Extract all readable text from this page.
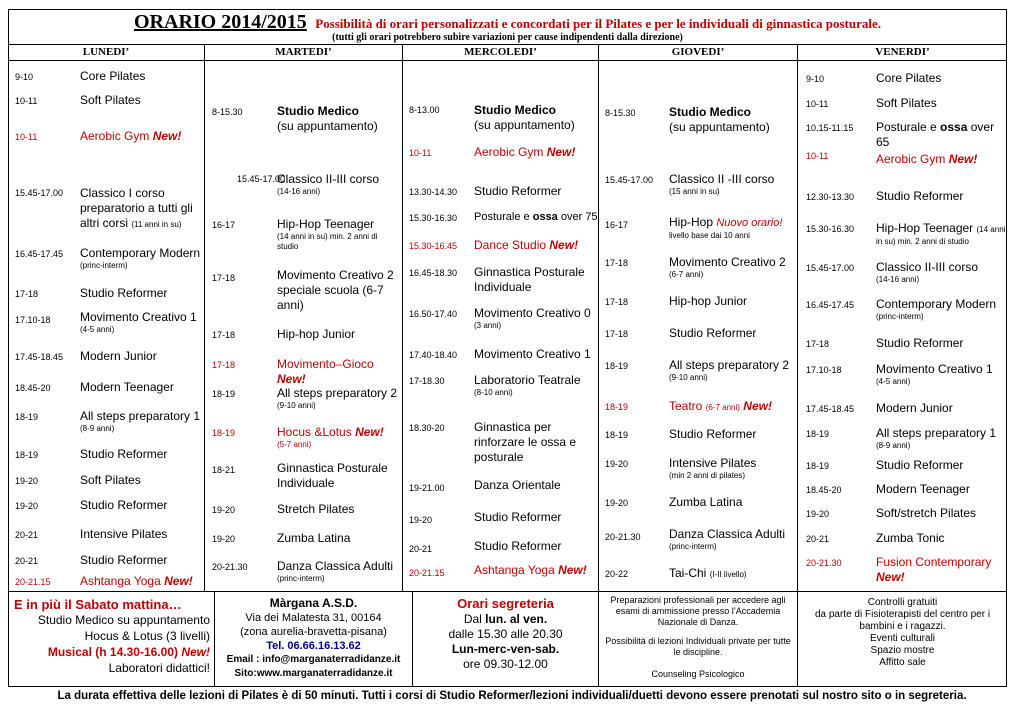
ORARIO 2014/2015 Possibilità di orari personalizzati e concordati per il Pilates e per le individuali di ginnastica posturale.
(tutti gli orari potrebbero subire variazioni per cause indipendenti dalla direzione)
LUNEDI’	MARTEDI’	MERCOLEDI’	GIOVEDI’	VENERDI’
9-10	Core Pilates
10-11	Soft Pilates
10-11	Aerobic Gym New!
15.45-17.00 Classico I corso preparatorio a tutti gli altri corsi (11 anni in su)
16.45-17.45 Contemporary Modern
(princ-interm)
17-18	Studio Reformer
17.10-18 Movimento Creativo 1
(4-5 anni)
17.45-18.45 Modern Junior
18.45-20 Modern Teenager
18-19	All steps preparatory 1
(8-9 anni)
18-19	Studio Reformer
19-20	Soft Pilates
19-20	Studio Reformer
20-21	Intensive Pilates
20-21	Studio Reformer
20-21.15 Ashtanga Yoga New!
8-15.30	Studio Medico
(su appuntamento)
15.45-17.00
Classico II-III corso
(14-16 anni)
16-17	Hip-Hop Teenager
(14 anni in su) min. 2 anni di studio
17-18	Movimento Creativo 2 speciale scuola (6-7 anni)
17-18	Hip-hop Junior
17-18	Movimento–Gioco New!
18-19	All steps preparatory 2
(9-10 anni)
18-19	Hocus &Lotus New!
(5-7 anni)
18-21	Ginnastica Posturale Individuale
19-20	Stretch Pilates
19-20	Zumba Latina
20-21.30 Danza Classica Adulti
(princ-interm)
8-13.00	Studio Medico
(su appuntamento)
10-11	Aerobic Gym New!
13.30-14.30 Studio Reformer
15.30-16.30 Posturale e ossa over 75
15.30-16.45 Dance Studio New!
16.45-18.30 Ginnastica Posturale Individuale
16.50-17.40 Movimento Creativo 0
(3 anni)
17.40-18.40 Movimento Creativo 1
17-18.30 Laboratorio Teatrale
(8-10 anni)
18.30-20 Ginnastica per rinforzare le ossa e posturale
19-21.00 Danza Orientale
19-20	Studio Reformer
20-21	Studio Reformer
20-21.15 Ashtanga Yoga New!
8-15.30	Studio Medico
(su appuntamento)
15.45-17.00 Classico II -III corso
(15 anni in su)
16-17	Hip-Hop Nuovo orario!
livello base dai 10 anni
17-18	Movimento Creativo 2
(6-7 anni)
17-18	Hip-hop Junior
17-18	Studio Reformer
18-19	All steps preparatory 2
(9-10 anni)
18-19	Teatro (6-7 anni) New!
18-19	Studio Reformer
19-20	Intensive Pilates
(min 2 anni di pilates)
19-20	Zumba Latina
20-21.30 Danza Classica Adulti
(princ-interm)
20-22	Tai-Chi (I-II livello)
9-10	Core Pilates
10-11	Soft Pilates
10.15-11.15 Posturale e ossa over 65
10-11	Aerobic Gym New!
12.30-13.30 Studio Reformer
15.30-16.30 Hip-Hop Teenager (14 anni
in su) min. 2 anni di studio
15.45-17.00 Classico II-III corso
(14-16 anni)
16.45-17.45 Contemporary Modern
(princ-interm)
17-18	Studio Reformer
17.10-18	Movimento Creativo 1
(4-5 anni)
17.45-18.45 Modern Junior
18-19	All steps preparatory 1
(8-9 anni)
18-19	Studio Reformer
18.45-20	Modern Teenager
19-20	Soft/stretch Pilates
20-21	Zumba Tonic
20-21.30	Fusion Contemporary New!
E in più il Sabato mattina…
Studio Medico su appuntamento
Hocus & Lotus (3 livelli)
Musical (h 14.30-16.00) New!
Laboratori didattici!
Màrgana A.S.D.
Via dei Malatesta 31, 00164
(zona aurelia-bravetta-pisana)
Tel. 06.66.16.13.62
Email : info@marganaterradidanze.it
Sito:www.marganaterradidanze.it
Orari segreteria
Dal lun. al ven.
dalle 15.30 alle 20.30
Lun-merc-ven-sab.
ore 09.30-12.00
Preparazioni professionali per accedere agli esami di ammissione presso l’Accademia Nazionale di Danza.
Possibilità di lezioni Individuali private per tutte le discipline.
Counseling Psicologico
Controlli gratuiti
da parte di Fisioterapisti del centro per i bambini e i ragazzi.
Eventi culturali
Spazio mostre
Affitto sale
La durata effettiva delle lezioni di Pilates è di 50 minuti. Tutti i corsi di Studio Reformer/lezioni individuali/duetti devono essere prenotati sul nostro sito o in segreteria.
